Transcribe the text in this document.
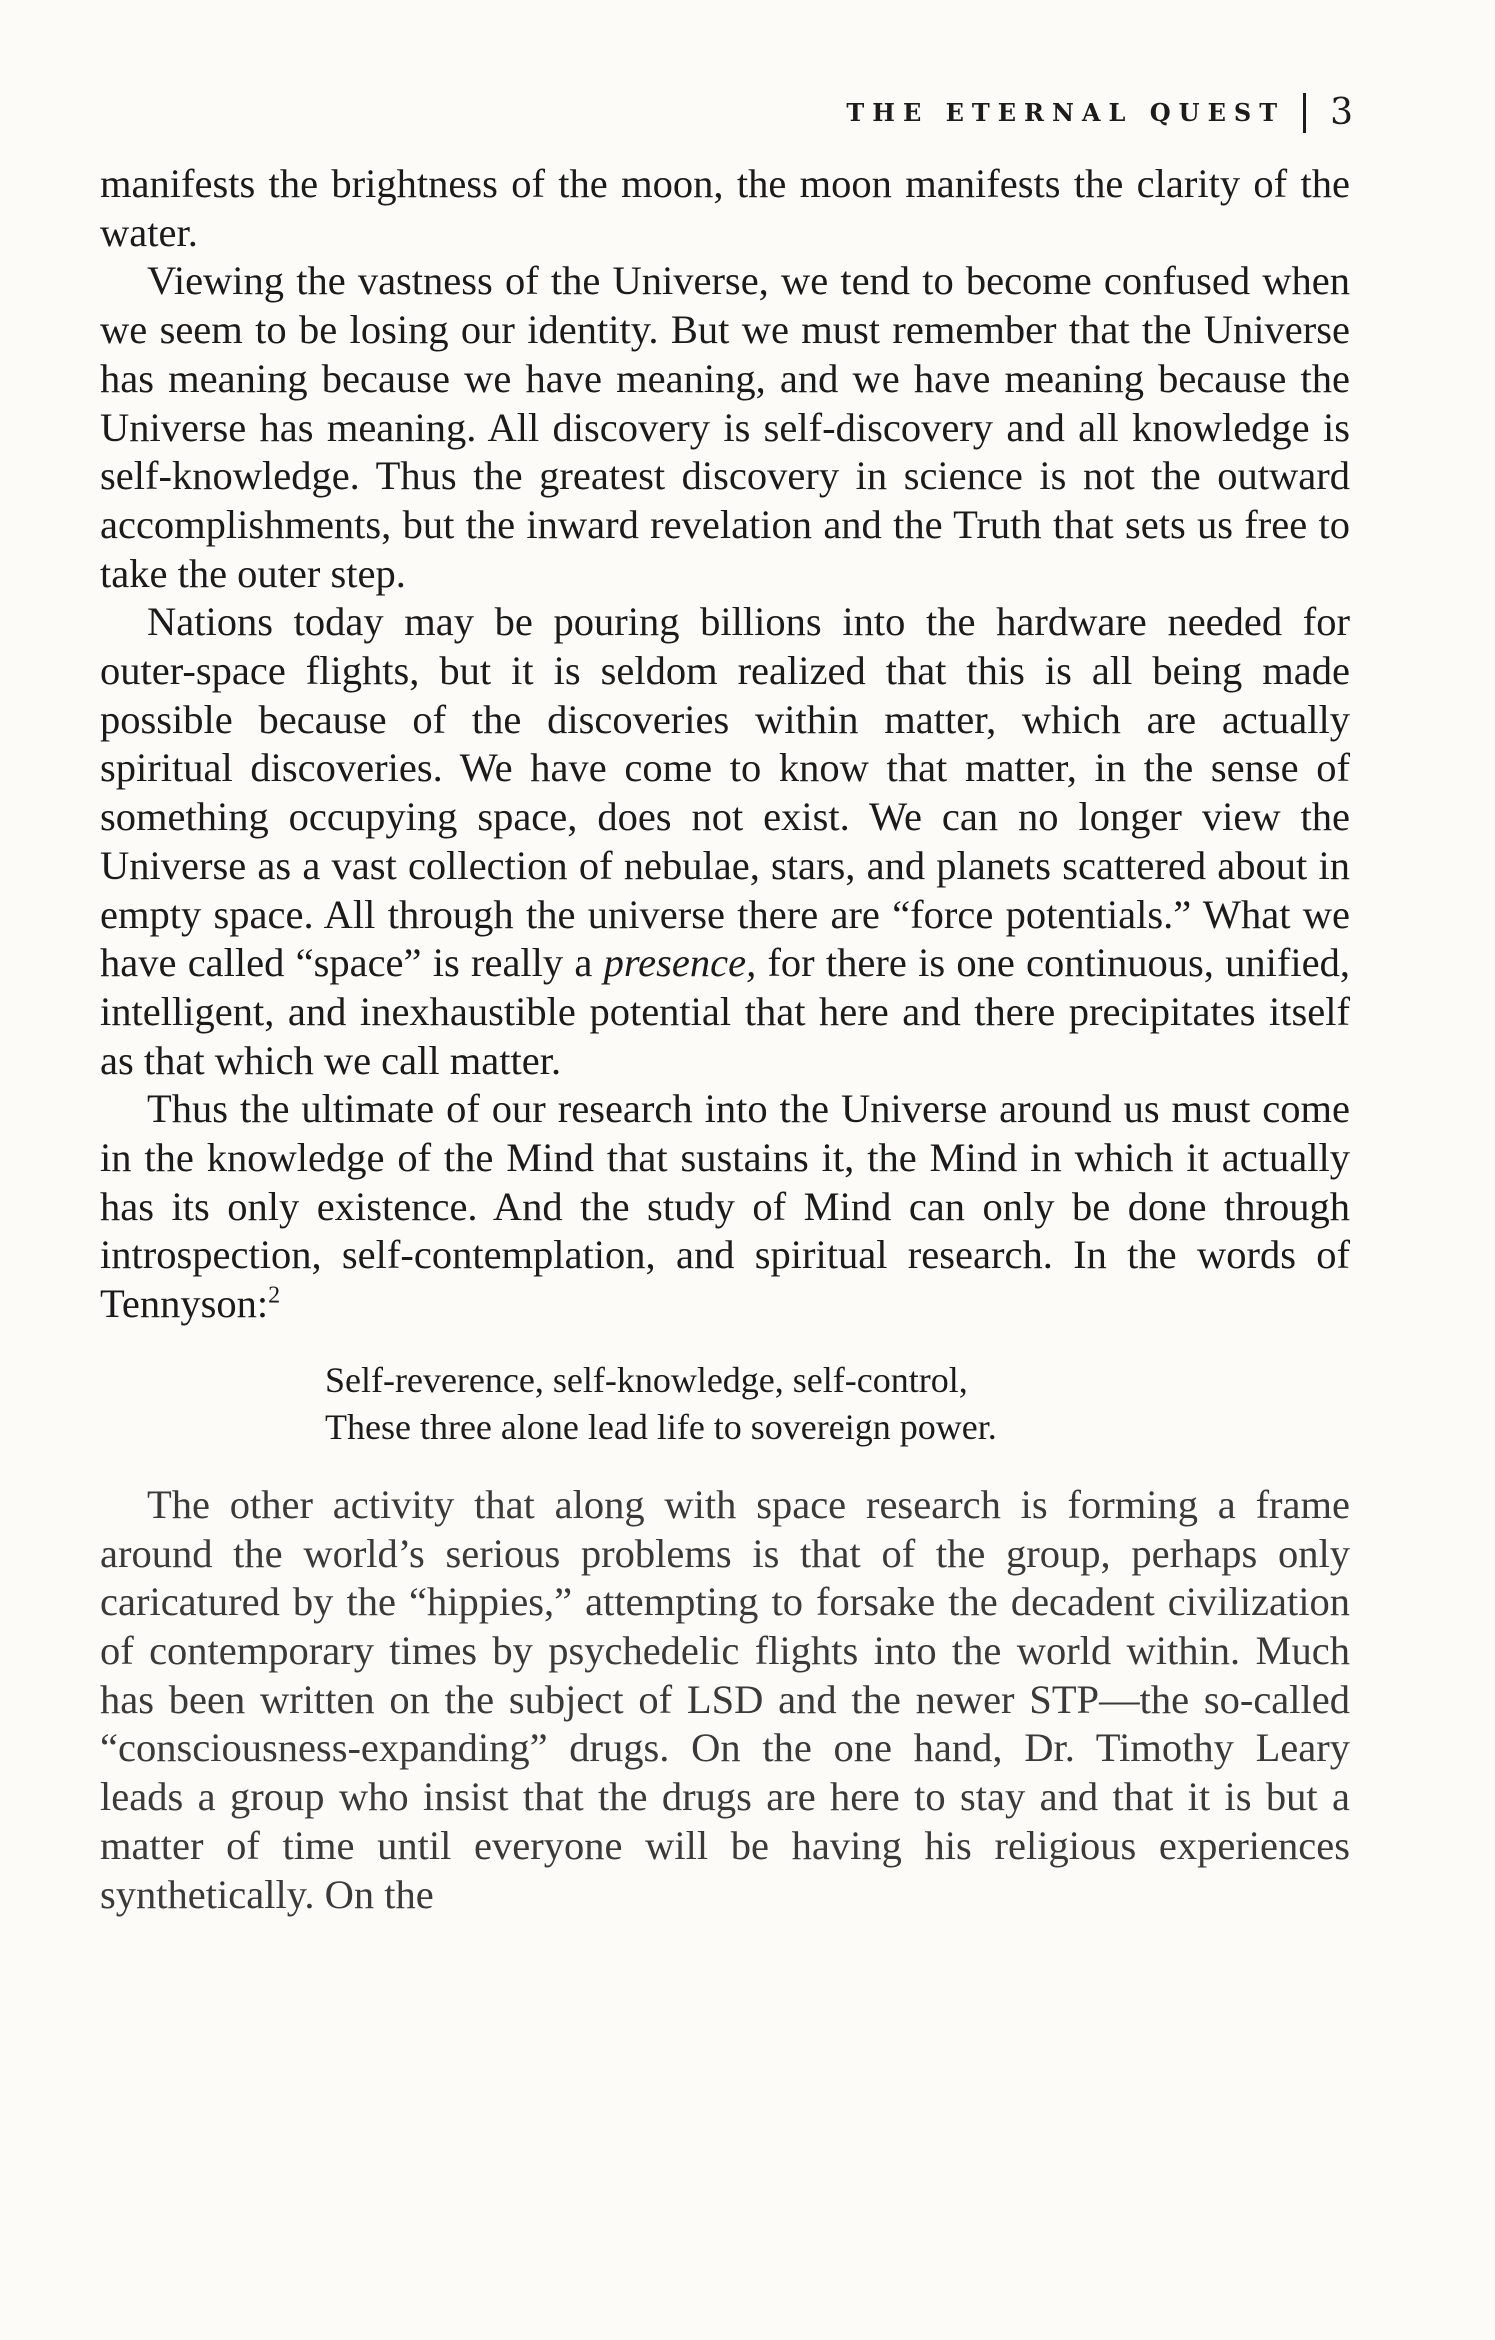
THE ETERNAL QUEST 3

manifests the brightness of the moon, the moon manifests the clarity of the water.

Viewing the vastness of the Universe, we tend to become confused when we seem to be losing our identity. But we must remember that the Universe has meaning because we have meaning, and we have meaning because the Universe has meaning. All discovery is self-discovery and all knowledge is self-knowledge. Thus the greatest discovery in science is not the outward accomplishments, but the inward revelation and the Truth that sets us free to take the outer step.

Nations today may be pouring billions into the hardware needed for outer-space flights, but it is seldom realized that this is all being made possible because of the discoveries within matter, which are actually spiritual discoveries. We have come to know that matter, in the sense of something occupying space, does not exist. We can no longer view the Universe as a vast collection of nebulae, stars, and planets scattered about in empty space. All through the universe there are “force potentials.” What we have called “space” is really a presence, for there is one continuous, unified, intelligent, and inexhaustible potential that here and there precipitates itself as that which we call matter.

Thus the ultimate of our research into the Universe around us must come in the knowledge of the Mind that sustains it, the Mind in which it actually has its only existence. And the study of Mind can only be done through introspection, self-contemplation, and spiritual research. In the words of Tennyson:$^2$

Self-reverence, self-knowledge, self-control,
These three alone lead life to sovereign power.

The other activity that along with space research is forming a frame around the world’s serious problems is that of the group, perhaps only caricatured by the “hippies,” attempting to forsake the decadent civilization of contemporary times by psychedelic flights into the world within. Much has been written on the subject of LSD and the newer STP—the so-called “consciousness-expanding” drugs. On the one hand, Dr. Timothy Leary leads a group who insist that the drugs are here to stay and that it is but a matter of time until everyone will be having his religious experiences synthetically. On the
